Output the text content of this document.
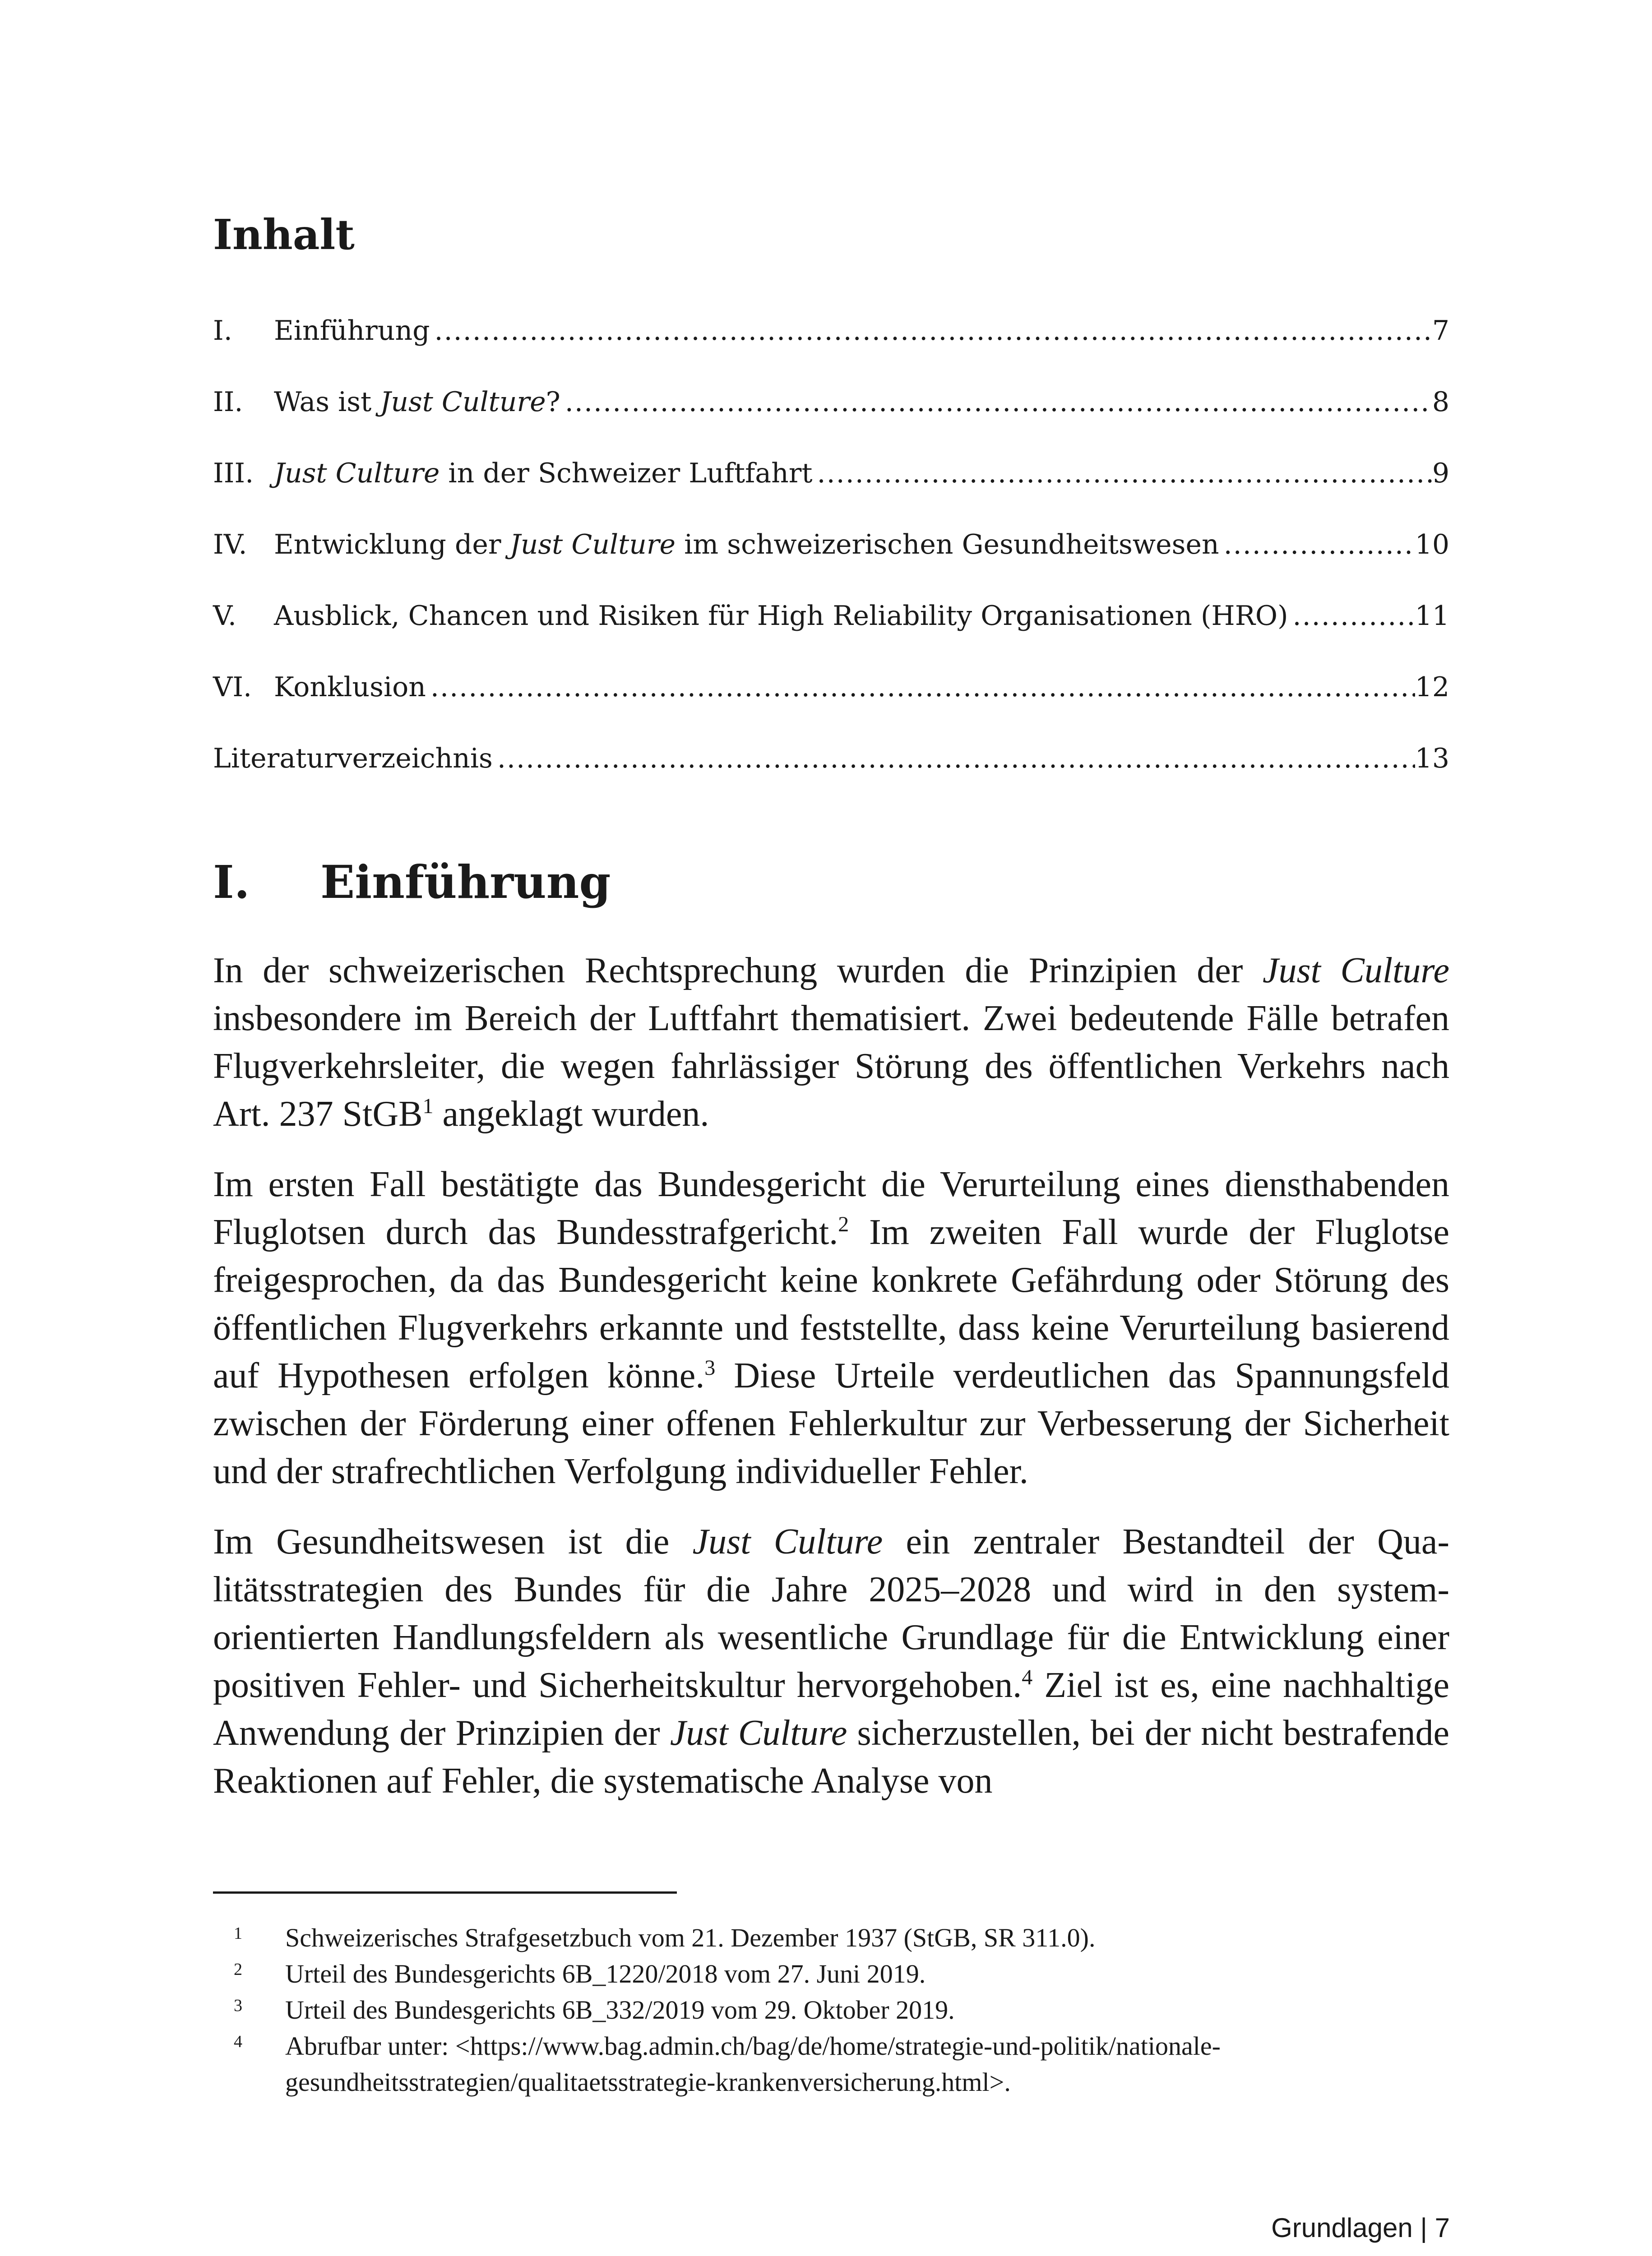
Inhalt
I.	Einführung .....	7
II.	Was ist Just Culture? .....	8
III. Just Culture in der Schweizer Luftfahrt .....	9
IV. Entwicklung der Just Culture im schweizerischen Gesundheitswesen .....	10
V.	Ausblick, Chancen und Risiken für High Reliability Organisationen (HRO) .....	11
VI. Konklusion .....	12
Literaturverzeichnis .....	13
I.	Einführung

In der schweizerischen Rechtsprechung wurden die Prinzipien der Just Culture insbesondere im Bereich der Luftfahrt thematisiert. Zwei bedeutende Fälle betrafen Flugverkehrsleiter, die wegen fahrlässiger Störung des öffentlichen Verkehrs nach Art. 237 StGB$^1$ angeklagt wurden.

Im ersten Fall bestätigte das Bundesgericht die Verurteilung eines diensthabenden Fluglotsen durch das Bundesstrafgericht.$^2$ Im zweiten Fall wurde der Fluglotse freigesprochen, da das Bundesgericht keine konkrete Gefährdung oder Störung des öffentlichen Flugverkehrs erkannte und feststellte, dass keine Verurteilung basierend auf Hypothesen erfolgen könne.$^3$ Diese Urteile verdeutlichen das Spannungsfeld zwischen der Förderung einer offenen Fehlerkultur zur Verbesserung der Sicherheit und der strafrechtlichen Verfolgung individueller Fehler.

Im Gesundheitswesen ist die Just Culture ein zentraler Bestandteil der Qualitätsstrategien des Bundes für die Jahre 2025–2028 und wird in den systemorientierten Handlungsfeldern als wesentliche Grundlage für die Entwicklung einer positiven Fehler- und Sicherheitskultur hervorgehoben.$^4$ Ziel ist es, eine nachhaltige Anwendung der Prinzipien der Just Culture sicherzustellen, bei der nicht bestrafende Reaktionen auf Fehler, die systematische Analyse von

1	Schweizerisches Strafgesetzbuch vom 21. Dezember 1937 (StGB, SR 311.0).
2	Urteil des Bundesgerichts 6B_1220/2018 vom 27. Juni 2019.
3	Urteil des Bundesgerichts 6B_332/2019 vom 29. Oktober 2019.
4	Abrufbar unter: <https://www.bag.admin.ch/bag/de/home/strategie-und-politik/nationale-gesundheitsstrategien/qualitaetsstrategie-krankenversicherung.html>.
Grundlagen | 7
